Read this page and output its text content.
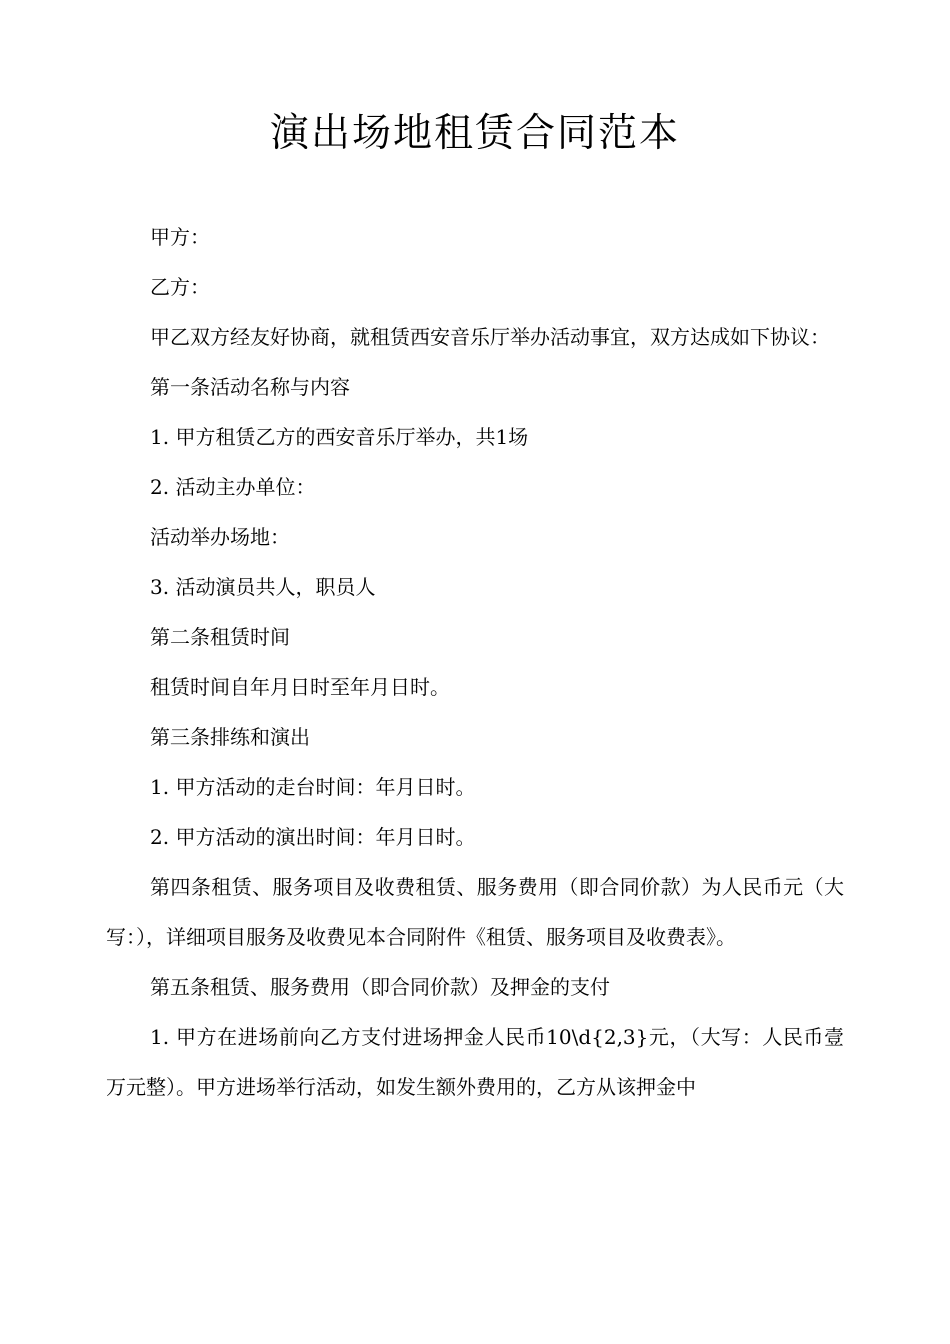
演出场地租赁合同范本

甲方：

乙方：

甲乙双方经友好协商，就租赁西安音乐厅举办活动事宜，双方达成如下协议：

第一条活动名称与内容

1. 甲方租赁乙方的西安音乐厅举办，共1场

2. 活动主办单位：

活动举办场地：

3. 活动演员共人，职员人

第二条租赁时间

租赁时间自年月日时至年月日时。

第三条排练和演出

1. 甲方活动的走台时间：年月日时。

2. 甲方活动的演出时间：年月日时。

第四条租赁、服务项目及收费租赁、服务费用（即合同价款）为人民币元（大写：），详细项目服务及收费见本合同附件《租赁、服务项目及收费表》。

第五条租赁、服务费用（即合同价款）及押金的支付

1. 甲方在进场前向乙方支付进场押金人民币10\d{2,3}元，（大写：人民币壹万元整）。甲方进场举行活动，如发生额外费用的，乙方从该押金中
